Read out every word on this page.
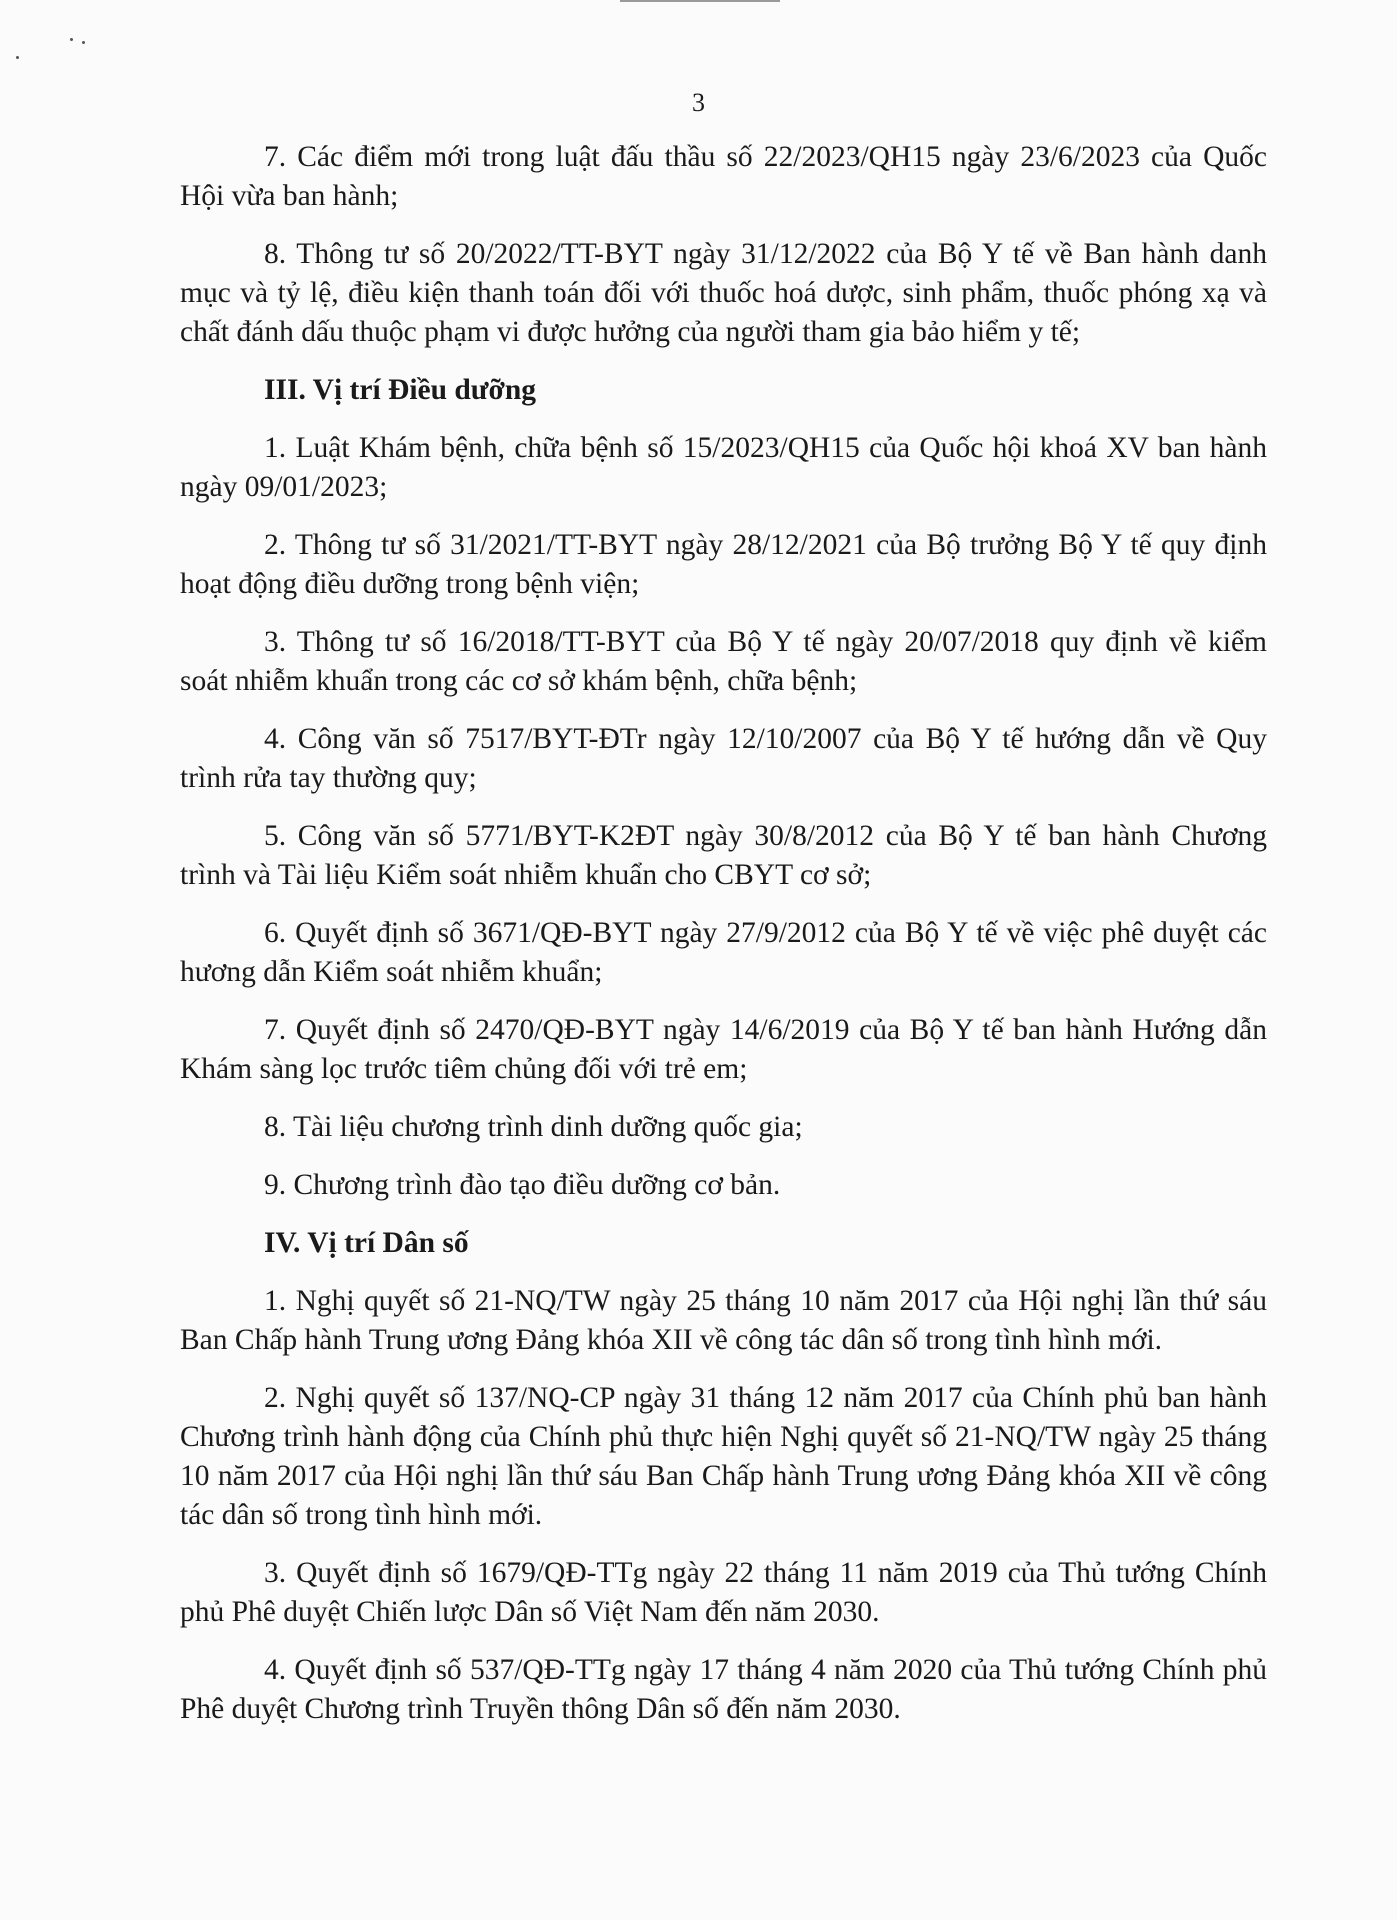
3

7. Các điểm mới trong luật đấu thầu số 22/2023/QH15 ngày 23/6/2023 của Quốc Hội vừa ban hành;

8. Thông tư số 20/2022/TT-BYT ngày 31/12/2022 của Bộ Y tế về Ban hành danh mục và tỷ lệ, điều kiện thanh toán đối với thuốc hoá dược, sinh phẩm, thuốc phóng xạ và chất đánh dấu thuộc phạm vi được hưởng của người tham gia bảo hiểm y tế;

III. Vị trí Điều dưỡng

1. Luật Khám bệnh, chữa bệnh số 15/2023/QH15 của Quốc hội khoá XV ban hành ngày 09/01/2023;

2. Thông tư số 31/2021/TT-BYT ngày 28/12/2021 của Bộ trưởng Bộ Y tế quy định hoạt động điều dưỡng trong bệnh viện;

3. Thông tư số 16/2018/TT-BYT của Bộ Y tế ngày 20/07/2018 quy định về kiểm soát nhiễm khuẩn trong các cơ sở khám bệnh, chữa bệnh;

4. Công văn số 7517/BYT-ĐTr ngày 12/10/2007 của Bộ Y tế hướng dẫn về Quy trình rửa tay thường quy;

5. Công văn số 5771/BYT-K2ĐT ngày 30/8/2012 của Bộ Y tế ban hành Chương trình và Tài liệu Kiểm soát nhiễm khuẩn cho CBYT cơ sở;

6. Quyết định số 3671/QĐ-BYT ngày 27/9/2012 của Bộ Y tế về việc phê duyệt các hương dẫn Kiểm soát nhiễm khuẩn;

7. Quyết định số 2470/QĐ-BYT ngày 14/6/2019 của Bộ Y tế ban hành Hướng dẫn Khám sàng lọc trước tiêm chủng đối với trẻ em;

8. Tài liệu chương trình dinh dưỡng quốc gia;

9. Chương trình đào tạo điều dưỡng cơ bản.

IV. Vị trí Dân số

1. Nghị quyết số 21-NQ/TW ngày 25 tháng 10 năm 2017 của Hội nghị lần thứ sáu Ban Chấp hành Trung ương Đảng khóa XII về công tác dân số trong tình hình mới.

2. Nghị quyết số 137/NQ-CP ngày 31 tháng 12 năm 2017 của Chính phủ ban hành Chương trình hành động của Chính phủ thực hiện Nghị quyết số 21-NQ/TW ngày 25 tháng 10 năm 2017 của Hội nghị lần thứ sáu Ban Chấp hành Trung ương Đảng khóa XII về công tác dân số trong tình hình mới.

3. Quyết định số 1679/QĐ-TTg ngày 22 tháng 11 năm 2019 của Thủ tướng Chính phủ Phê duyệt Chiến lược Dân số Việt Nam đến năm 2030.

4. Quyết định số 537/QĐ-TTg ngày 17 tháng 4 năm 2020 của Thủ tướng Chính phủ Phê duyệt Chương trình Truyền thông Dân số đến năm 2030.
